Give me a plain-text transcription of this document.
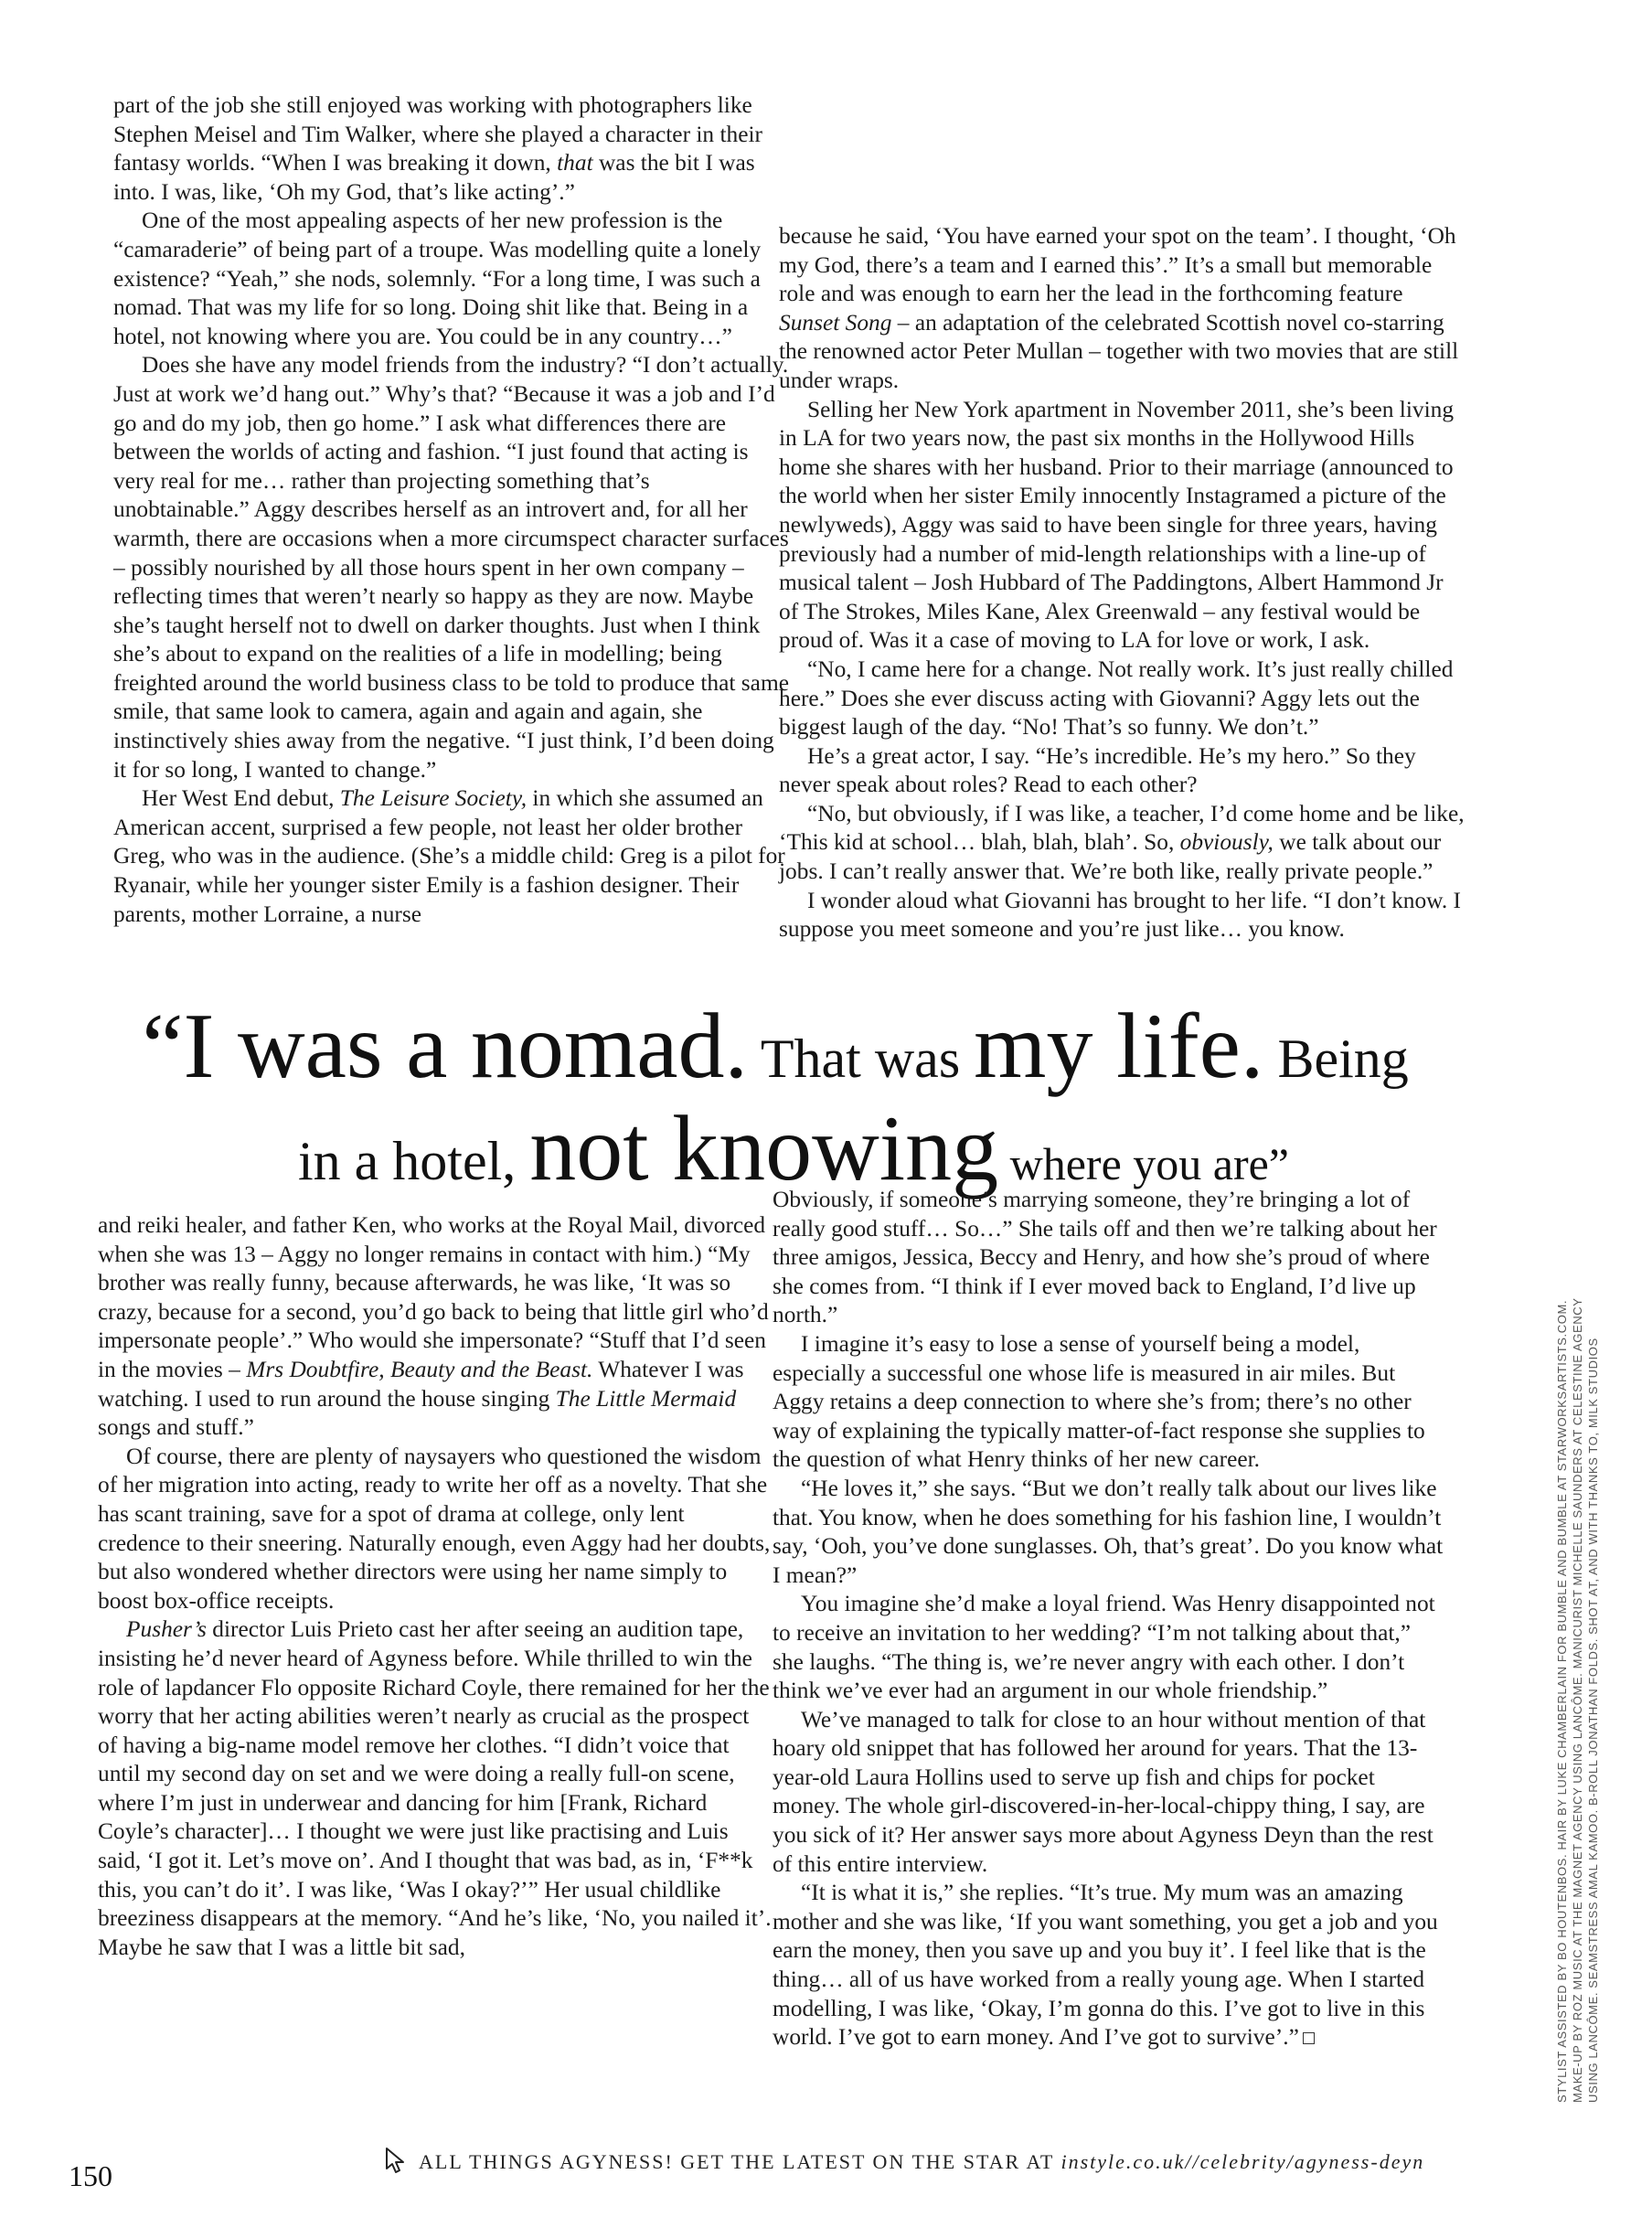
part of the job she still enjoyed was working with photographers like Stephen Meisel and Tim Walker, where she played a character in their fantasy worlds. “When I was breaking it down, that was the bit I was into. I was, like, ‘Oh my God, that’s like acting’.”

One of the most appealing aspects of her new profession is the “camaraderie” of being part of a troupe. Was modelling quite a lonely existence? “Yeah,” she nods, solemnly. “For a long time, I was such a nomad. That was my life for so long. Doing shit like that. Being in a hotel, not knowing where you are. You could be in any country…”

Does she have any model friends from the industry? “I don’t actually. Just at work we’d hang out.” Why’s that? “Because it was a job and I’d go and do my job, then go home.” I ask what differences there are between the worlds of acting and fashion. “I just found that acting is very real for me… rather than projecting something that’s unobtainable.” Aggy describes herself as an introvert and, for all her warmth, there are occasions when a more circumspect character surfaces – possibly nourished by all those hours spent in her own company – reflecting times that weren’t nearly so happy as they are now. Maybe she’s taught herself not to dwell on darker thoughts. Just when I think she’s about to expand on the realities of a life in modelling; being freighted around the world business class to be told to produce that same smile, that same look to camera, again and again and again, she instinctively shies away from the negative. “I just think, I’d been doing it for so long, I wanted to change.”

Her West End debut, The Leisure Society, in which she assumed an American accent, surprised a few people, not least her older brother Greg, who was in the audience. (She’s a middle child: Greg is a pilot for Ryanair, while her younger sister Emily is a fashion designer. Their parents, mother Lorraine, a nurse

because he said, ‘You have earned your spot on the team’. I thought, ‘Oh my God, there’s a team and I earned this’.” It’s a small but memorable role and was enough to earn her the lead in the forthcoming feature Sunset Song – an adaptation of the celebrated Scottish novel co-starring the renowned actor Peter Mullan – together with two movies that are still under wraps.

Selling her New York apartment in November 2011, she’s been living in LA for two years now, the past six months in the Hollywood Hills home she shares with her husband. Prior to their marriage (announced to the world when her sister Emily innocently Instagramed a picture of the newlyweds), Aggy was said to have been single for three years, having previously had a number of mid-length relationships with a line-up of musical talent – Josh Hubbard of The Paddingtons, Albert Hammond Jr of The Strokes, Miles Kane, Alex Greenwald – any festival would be proud of. Was it a case of moving to LA for love or work, I ask.

“No, I came here for a change. Not really work. It’s just really chilled here.” Does she ever discuss acting with Giovanni? Aggy lets out the biggest laugh of the day. “No! That’s so funny. We don’t.”

He’s a great actor, I say. “He’s incredible. He’s my hero.” So they never speak about roles? Read to each other?

“No, but obviously, if I was like, a teacher, I’d come home and be like, ‘This kid at school… blah, blah, blah’. So, obviously, we talk about our jobs. I can’t really answer that. We’re both like, really private people.”

I wonder aloud what Giovanni has brought to her life. “I don’t know. I suppose you meet someone and you’re just like… you know.

“I was a nomad. That was my life. Being
in a hotel, not knowing where you are”

and reiki healer, and father Ken, who works at the Royal Mail, divorced when she was 13 – Aggy no longer remains in contact with him.) “My brother was really funny, because afterwards, he was like, ‘It was so crazy, because for a second, you’d go back to being that little girl who’d impersonate people’.” Who would she impersonate? “Stuff that I’d seen in the movies – Mrs Doubtfire, Beauty and the Beast. Whatever I was watching. I used to run around the house singing The Little Mermaid songs and stuff.”

Of course, there are plenty of naysayers who questioned the wisdom of her migration into acting, ready to write her off as a novelty. That she has scant training, save for a spot of drama at college, only lent credence to their sneering. Naturally enough, even Aggy had her doubts, but also wondered whether directors were using her name simply to boost box-office receipts.

Pusher’s director Luis Prieto cast her after seeing an audition tape, insisting he’d never heard of Agyness before. While thrilled to win the role of lapdancer Flo opposite Richard Coyle, there remained for her the worry that her acting abilities weren’t nearly as crucial as the prospect of having a big-name model remove her clothes. “I didn’t voice that until my second day on set and we were doing a really full-on scene, where I’m just in underwear and dancing for him [Frank, Richard Coyle’s character]… I thought we were just like practising and Luis said, ‘I got it. Let’s move on’. And I thought that was bad, as in, ‘F**k this, you can’t do it’. I was like, ‘Was I okay?’” Her usual childlike breeziness disappears at the memory. “And he’s like, ‘No, you nailed it’. Maybe he saw that I was a little bit sad,

Obviously, if someone’s marrying someone, they’re bringing a lot of really good stuff… So…” She tails off and then we’re talking about her three amigos, Jessica, Beccy and Henry, and how she’s proud of where she comes from. “I think if I ever moved back to England, I’d live up north.”

I imagine it’s easy to lose a sense of yourself being a model, especially a successful one whose life is measured in air miles. But Aggy retains a deep connection to where she’s from; there’s no other way of explaining the typically matter-of-fact response she supplies to the question of what Henry thinks of her new career.

“He loves it,” she says. “But we don’t really talk about our lives like that. You know, when he does something for his fashion line, I wouldn’t say, ‘Ooh, you’ve done sunglasses. Oh, that’s great’. Do you know what I mean?”

You imagine she’d make a loyal friend. Was Henry disappointed not to receive an invitation to her wedding? “I’m not talking about that,” she laughs. “The thing is, we’re never angry with each other. I don’t think we’ve ever had an argument in our whole friendship.”

We’ve managed to talk for close to an hour without mention of that hoary old snippet that has followed her around for years. That the 13-year-old Laura Hollins used to serve up fish and chips for pocket money. The whole girl-discovered-in-her-local-chippy thing, I say, are you sick of it? Her answer says more about Agyness Deyn than the rest of this entire interview.

“It is what it is,” she replies. “It’s true. My mum was an amazing mother and she was like, ‘If you want something, you get a job and you earn the money, then you save up and you buy it’. I feel like that is the thing… all of us have worked from a really young age. When I started modelling, I was like, ‘Okay, I’m gonna do this. I’ve got to live in this world. I’ve got to earn money. And I’ve got to survive’.”	STYLIST ASSISTED BY BO HOUTENBOS. HAIR BY LUKE CHAMBERLAIN FOR BUMBLE AND BUMBLE AT STARWORKSARTISTS.COM. MAKE-UP BY ROZ MUSIC AT THE MAGNET AGENCY USING LANCÔME. MANICURIST MICHELLE SAUNDERS AT CELESTINE AGENCY USING LANCÔME. SEAMSTRESS AMAL KAMOO. B-ROLL JONATHAN FOLDS. SHOT AT, AND WITH THANKS TO, MILK STUDIOS
ALL THINGS AGYNESS! GET THE LATEST ON THE STAR AT instyle.co.uk//celebrity/agyness-deyn
150
